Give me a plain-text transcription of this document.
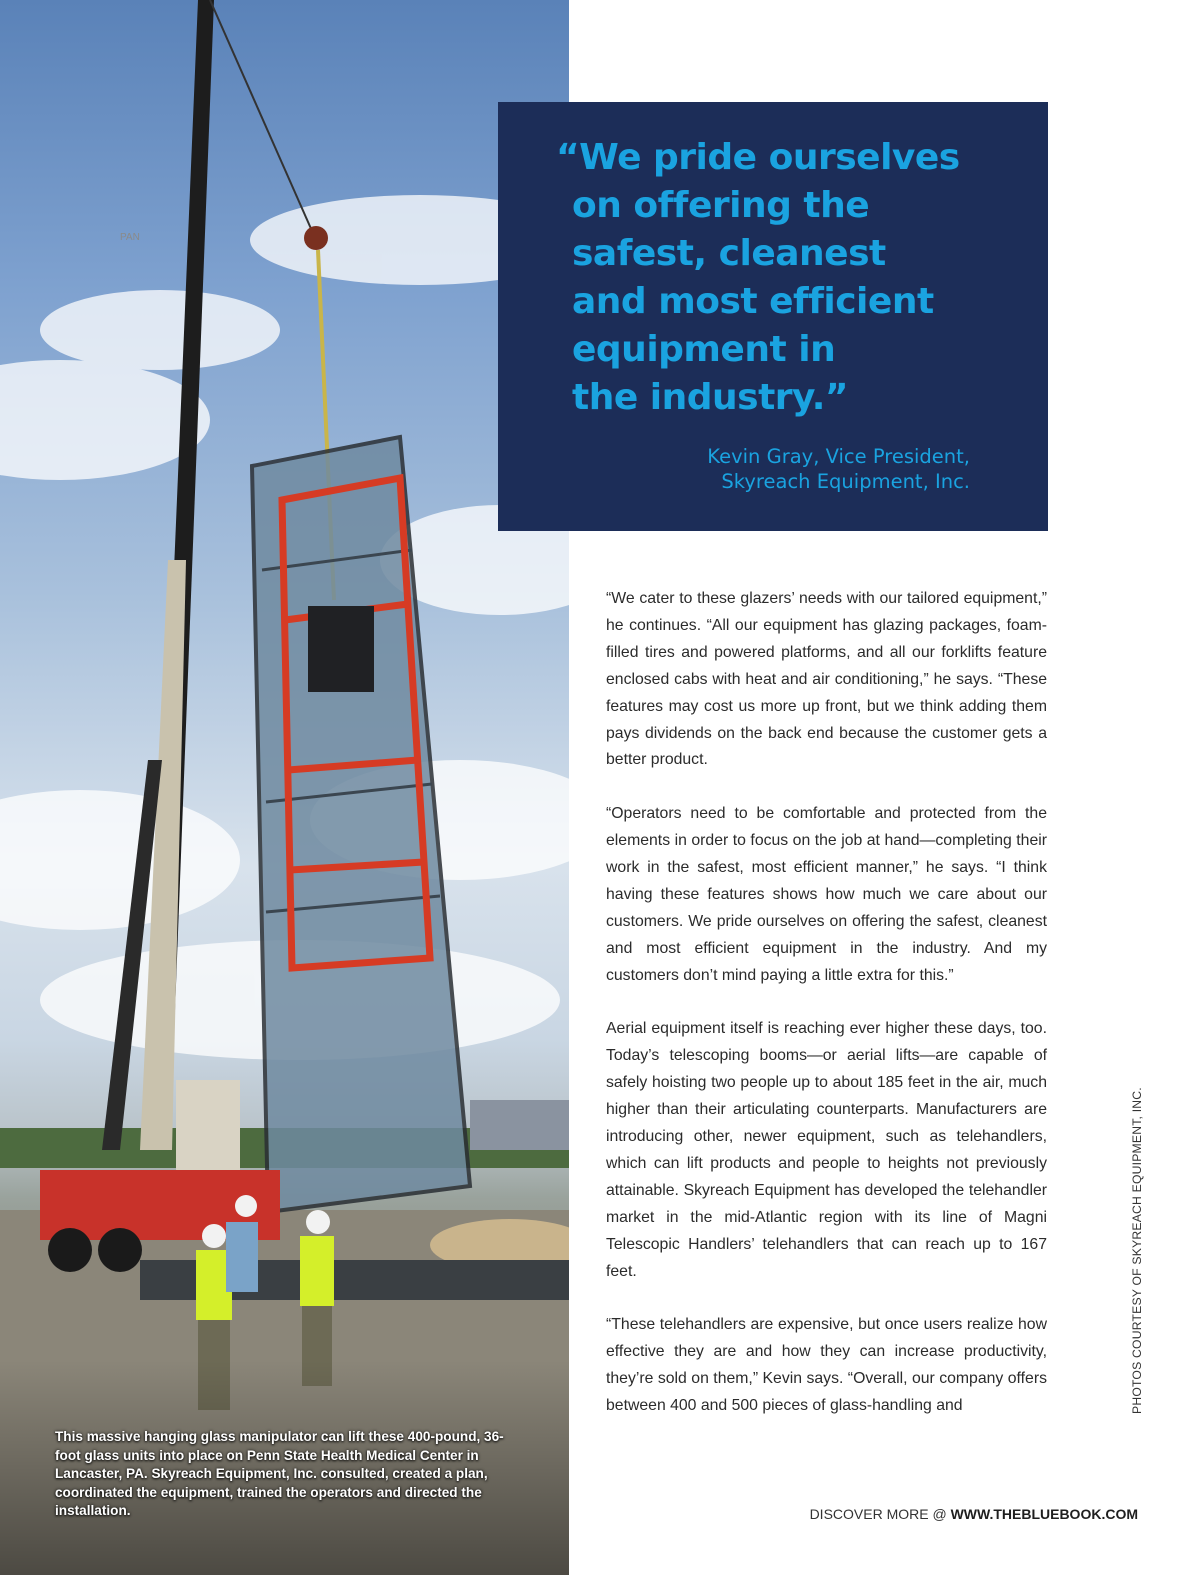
PAN
This massive hanging glass manipulator can lift these 400-pound, 36-foot glass units into place on Penn State Health Medical Center in Lancaster, PA. Skyreach Equipment, Inc. consulted, created a plan, coordinated the equipment, trained the operators and directed the installation.
“We pride ourselves
on offering the
safest, cleanest
and most efficient
equipment in
the industry.”
Kevin Gray, Vice President,
Skyreach Equipment, Inc.

“We cater to these glazers’ needs with our tailored equipment,” he continues. “All our equipment has glazing packages, foam-filled tires and powered platforms, and all our forklifts feature enclosed cabs with heat and air conditioning,” he says. “These features may cost us more up front, but we think adding them pays dividends on the back end because the customer gets a better product.

“Operators need to be comfortable and protected from the elements in order to focus on the job at hand—completing their work in the safest, most efficient manner,” he says. “I think having these features shows how much we care about our customers. We pride ourselves on offering the safest, cleanest and most efficient equipment in the industry. And my customers don’t mind paying a little extra for this.”

Aerial equipment itself is reaching ever higher these days, too. Today’s telescoping booms—or aerial lifts—are capable of safely hoisting two people up to about 185 feet in the air, much higher than their articulating counterparts. Manufacturers are introducing other, newer equipment, such as telehandlers, which can lift products and people to heights not previously attainable. Skyreach Equipment has developed the telehandler market in the mid-Atlantic region with its line of Magni Telescopic Handlers’ telehandlers that can reach up to 167 feet.

“These telehandlers are expensive, but once users realize how effective they are and how they can increase productivity, they’re sold on them,” Kevin says. “Overall, our company offers between 400 and 500 pieces of glass-handling and	PHOTOS COURTESY OF SKYREACH EQUIPMENT, INC.
DISCOVER MORE @ WWW.THEBLUEBOOK.COM
